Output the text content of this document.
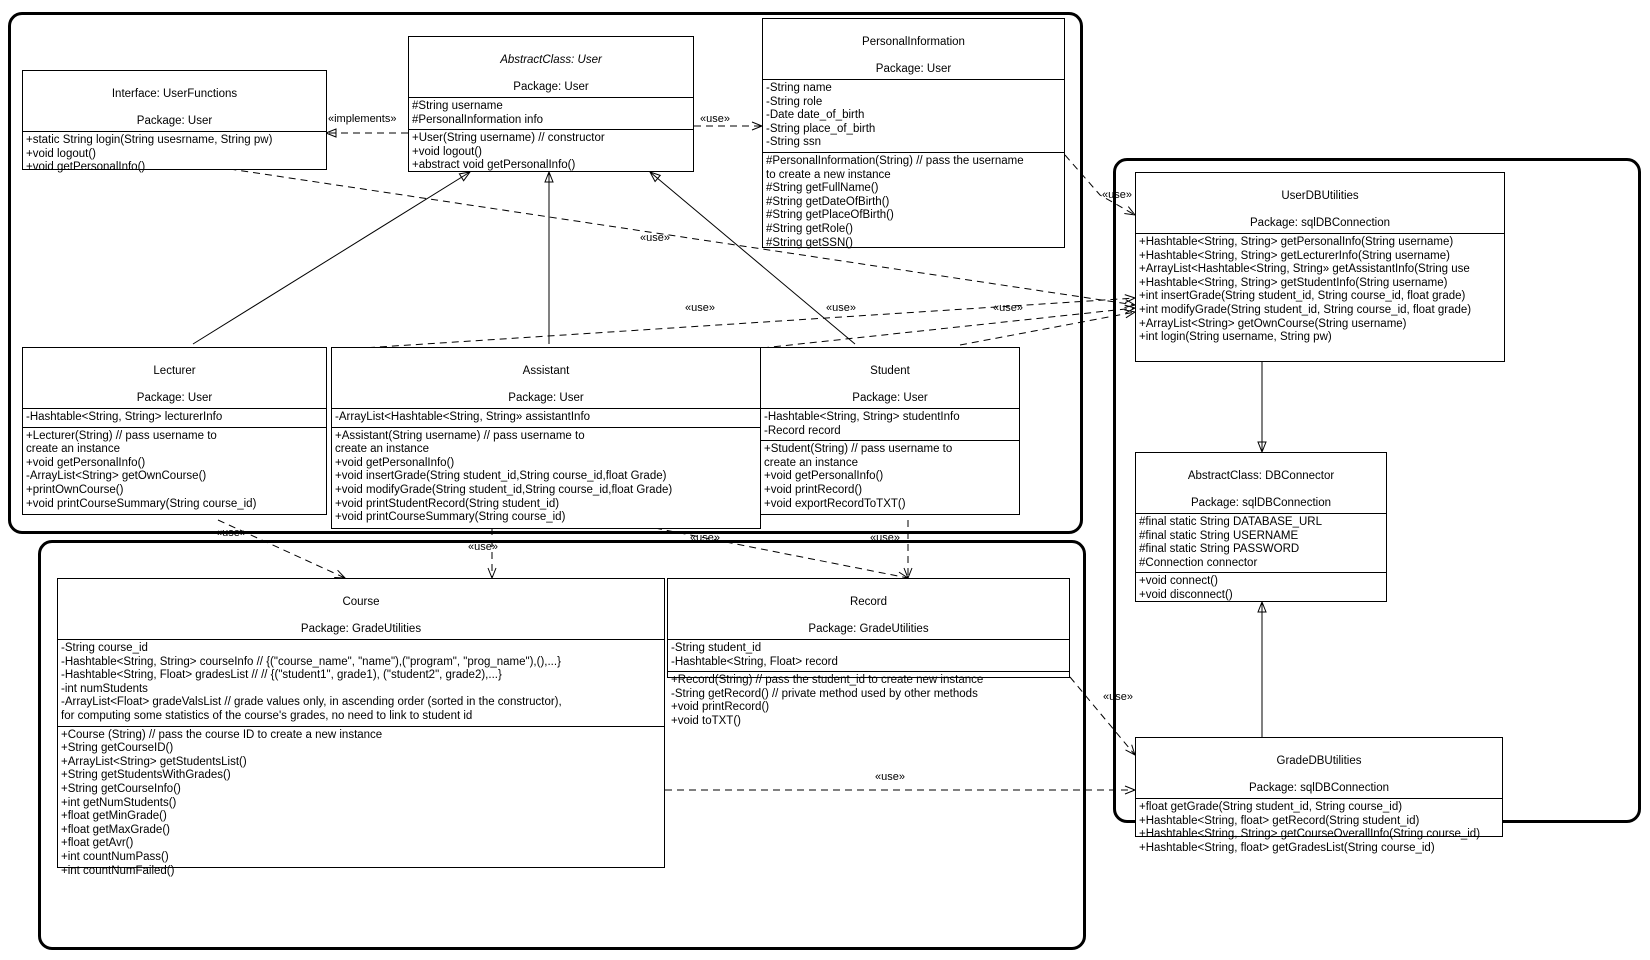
«implements»	«use»
«use»
«use»
«use»	«use»	«use»
«use»
«use»
«use»	«use»
«use»
«use»

Interface: UserFunctions

Package: User

+static String login(String usesrname, String pw)
+void logout()
+void getPersonalInfo()

AbstractClass: User

Package: User

#String username
#PersonalInformation info
+User(String username) // constructor
+void logout()
+abstract void getPersonalInfo()

PersonalInformation

Package: User

-String name
-String role
-Date date_of_birth
-String place_of_birth
-String ssn
#PersonalInformation(String) // pass the username
to create a new instance
#String getFullName()
#String getDateOfBirth()
#String getPlaceOfBirth()
#String getRole()
#String getSSN()

Lecturer

Package: User

-Hashtable<String, String> lecturerInfo
+Lecturer(String) // pass username to
create an instance
+void getPersonalInfo()
-ArrayList<String> getOwnCourse()
+printOwnCourse()
+void printCourseSummary(String course_id)

Assistant

Package: User

-ArrayList<Hashtable<String, String» assistantInfo
+Assistant(String username) // pass username to
create an instance
+void getPersonalInfo()
+void insertGrade(String student_id,String course_id,float Grade)
+void modifyGrade(String student_id,String course_id,float Grade)
+void printStudentRecord(String student_id)
+void printCourseSummary(String course_id)

Student

Package: User

-Hashtable<String, String> studentInfo
-Record record
+Student(String) // pass username to
create an instance
+void getPersonalInfo()
+void printRecord()
+void exportRecordToTXT()

UserDBUtilities

Package: sqlDBConnection

+Hashtable<String, String> getPersonalInfo(String username)
+Hashtable<String, String> getLecturerInfo(String username)
+ArrayList<Hashtable<String, String» getAssistantInfo(String use
+Hashtable<String, String> getStudentInfo(String username)
+int insertGrade(String student_id, String course_id, float grade)
+int modifyGrade(String student_id, String course_id, float grade)
+ArrayList<String> getOwnCourse(String username)
+int login(String username, String pw)

AbstractClass: DBConnector

Package: sqlDBConnection

#final static String DATABASE_URL
#final static String USERNAME
#final static String PASSWORD
#Connection connector
+void connect()
+void disconnect()

GradeDBUtilities

Package: sqlDBConnection

+float getGrade(String student_id, String course_id)
+Hashtable<String, float> getRecord(String student_id)
+Hashtable<String, String> getCourseOverallInfo(String course_id)
+Hashtable<String, float> getGradesList(String course_id)

Course

Package: GradeUtilities

-String course_id
-Hashtable<String, String> courseInfo // {("course_name", "name"),("program", "prog_name"),(),...}
-Hashtable<String, Float> gradesList // // {("student1", grade1), ("student2", grade2),...}
-int numStudents
-ArrayList<Float> gradeValsList // grade values only, in ascending order (sorted in the constructor),
for computing some statistics of the course's grades, no need to link to student id
+Course (String) // pass the course ID to create a new instance
+String getCourseID()
+ArrayList<String> getStudentsList()
+String getStudentsWithGrades()
+String getCourseInfo()
+int getNumStudents()
+float getMinGrade()
+float getMaxGrade()
+float getAvr()
+int countNumPass()
+int countNumFailed()

Record

Package: GradeUtilities

-String student_id
-Hashtable<String, Float> record
+Record(String) // pass the student_id to create new instance
-String getRecord() // private method used by other methods
+void printRecord()
+void toTXT()
